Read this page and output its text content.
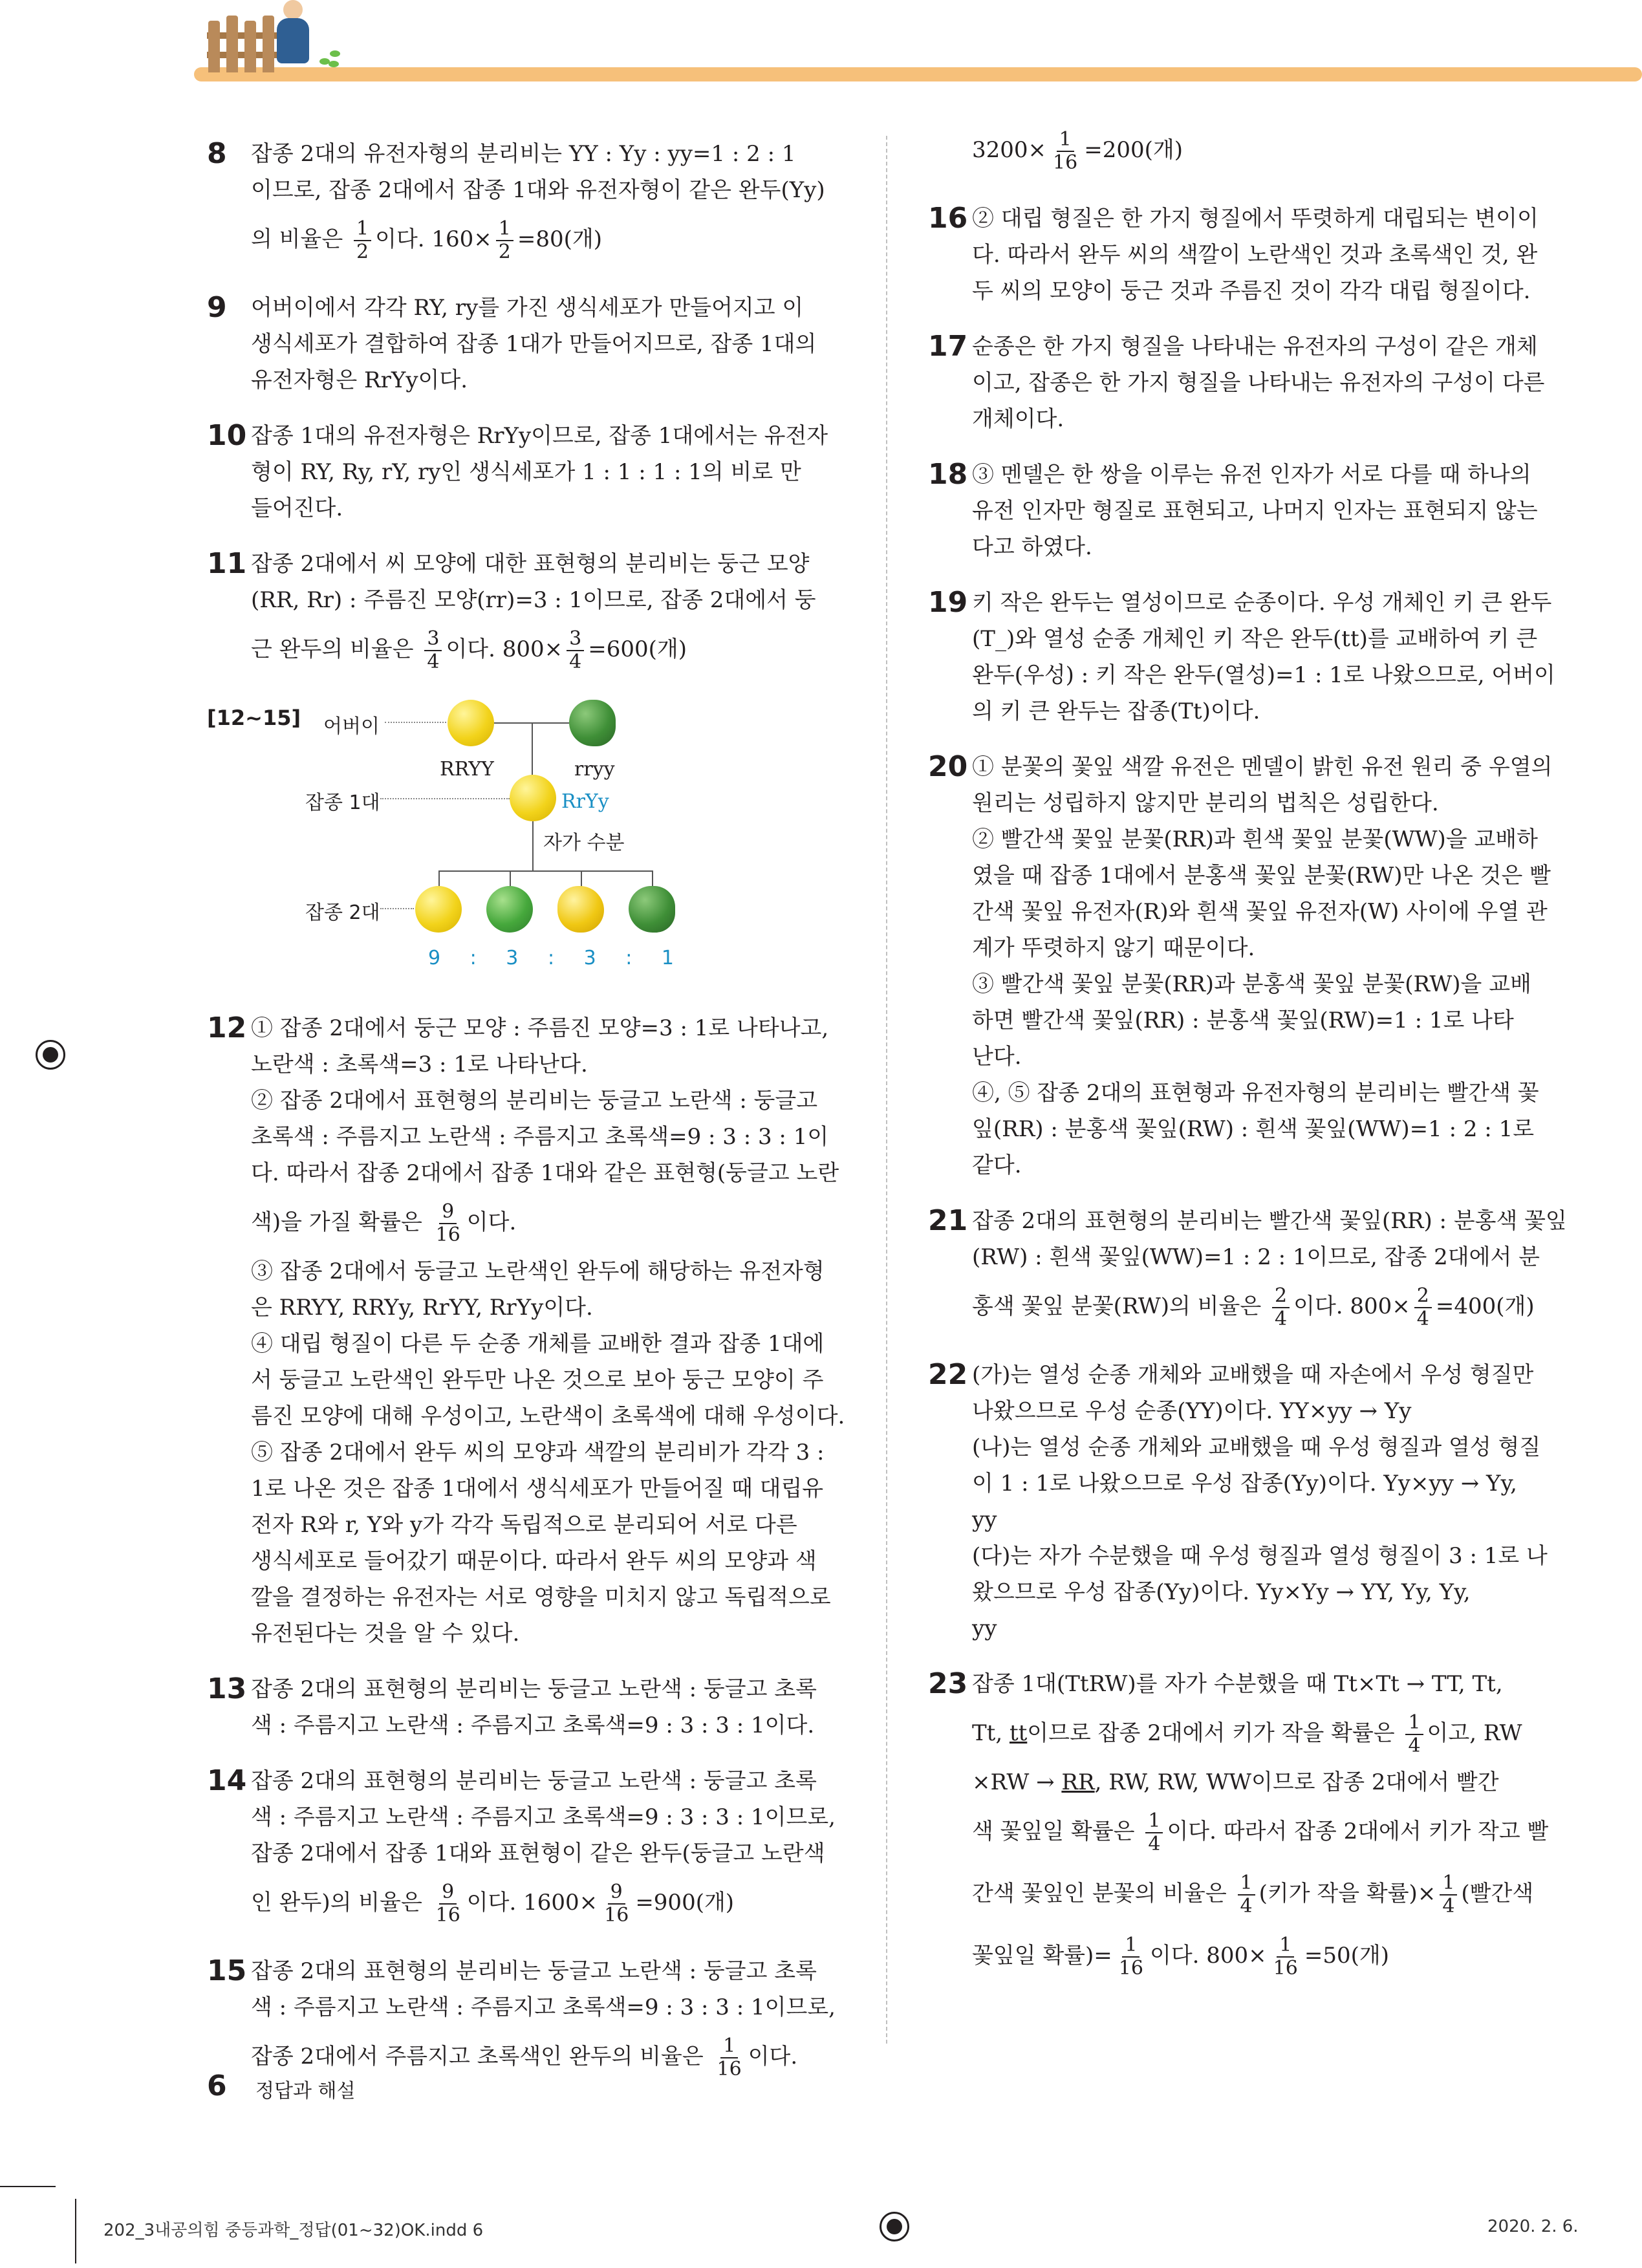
8 잡종 2대의 유전자형의 분리비는 YY : Yy : yy=1 : 2 : 1
이므로, 잡종 2대에서 잡종 1대와 유전자형이 같은 완두(Yy)
의 비율은 $\frac{1}{2}$ 이다. $160\times \frac{1}{2} =80$(개)
9 어버이에서 각각 RY, ry를 가진 생식세포가 만들어지고 이
생식세포가 결합하여 잡종 1대가 만들어지므로, 잡종 1대의
유전자형은 RrYy이다.
10 잡종 1대의 유전자형은 RrYy이므로, 잡종 1대에서는 유전자
형이 RY, Ry, rY, ry인 생식세포가 1 : 1 : 1 : 1의 비로 만
들어진다.
11 잡종 2대에서 씨 모양에 대한 표현형의 분리비는 둥근 모양
(RR, Rr) : 주름진 모양(rr)=3 : 1이므로, 잡종 2대에서 둥
근 완두의 비율은 $\frac{3}{4}$ 이다. $800\times \frac{3}{4} =600$(개)
[12~15] 어버이
RRYY	rryy
잡종 1대	RrYy
자가 수분
잡종 2대
9 : 3 : 3 : 1
12 ① 잡종 2대에서 둥근 모양 : 주름진 모양=3 : 1로 나타나고,
노란색 : 초록색=3 : 1로 나타난다.
② 잡종 2대에서 표현형의 분리비는 둥글고 노란색 : 둥글고
초록색 : 주름지고 노란색 : 주름지고 초록색=9 : 3 : 3 : 1이
다. 따라서 잡종 2대에서 잡종 1대와 같은 표현형(둥글고 노란
색)을 가질 확률은 $\frac{9}{16}$ 이다.
③ 잡종 2대에서 둥글고 노란색인 완두에 해당하는 유전자형
은 RRYY, RRYy, RrYY, RrYy이다.
④ 대립 형질이 다른 두 순종 개체를 교배한 결과 잡종 1대에
서 둥글고 노란색인 완두만 나온 것으로 보아 둥근 모양이 주
름진 모양에 대해 우성이고, 노란색이 초록색에 대해 우성이다.
⑤ 잡종 2대에서 완두 씨의 모양과 색깔의 분리비가 각각 3 :
1로 나온 것은 잡종 1대에서 생식세포가 만들어질 때 대립유
전자 R와 r, Y와 y가 각각 독립적으로 분리되어 서로 다른
생식세포로 들어갔기 때문이다. 따라서 완두 씨의 모양과 색
깔을 결정하는 유전자는 서로 영향을 미치지 않고 독립적으로
유전된다는 것을 알 수 있다.
13 잡종 2대의 표현형의 분리비는 둥글고 노란색 : 둥글고 초록
색 : 주름지고 노란색 : 주름지고 초록색=9 : 3 : 3 : 1이다.
14 잡종 2대의 표현형의 분리비는 둥글고 노란색 : 둥글고 초록
색 : 주름지고 노란색 : 주름지고 초록색=9 : 3 : 3 : 1이므로,
잡종 2대에서 잡종 1대와 표현형이 같은 완두(둥글고 노란색
인 완두)의 비율은 $\frac{9}{16}$ 이다. $1600\times \frac{9}{16} =900$(개)
15 잡종 2대의 표현형의 분리비는 둥글고 노란색 : 둥글고 초록
색 : 주름지고 노란색 : 주름지고 초록색=9 : 3 : 3 : 1이므로,
잡종 2대에서 주름지고 초록색인 완두의 비율은 $\frac{1}{16}$ 이다.
$3200\times \frac{1}{16} =200$(개)
16 ② 대립 형질은 한 가지 형질에서 뚜렷하게 대립되는 변이이
다. 따라서 완두 씨의 색깔이 노란색인 것과 초록색인 것, 완
두 씨의 모양이 둥근 것과 주름진 것이 각각 대립 형질이다.
17 순종은 한 가지 형질을 나타내는 유전자의 구성이 같은 개체
이고, 잡종은 한 가지 형질을 나타내는 유전자의 구성이 다른
개체이다.
18 ③ 멘델은 한 쌍을 이루는 유전 인자가 서로 다를 때 하나의
유전 인자만 형질로 표현되고, 나머지 인자는 표현되지 않는
다고 하였다.
19 키 작은 완두는 열성이므로 순종이다. 우성 개체인 키 큰 완두
(T_)와 열성 순종 개체인 키 작은 완두(tt)를 교배하여 키 큰
완두(우성) : 키 작은 완두(열성)=1 : 1로 나왔으므로, 어버이
의 키 큰 완두는 잡종(Tt)이다.
20 ① 분꽃의 꽃잎 색깔 유전은 멘델이 밝힌 유전 원리 중 우열의
원리는 성립하지 않지만 분리의 법칙은 성립한다.
② 빨간색 꽃잎 분꽃(RR)과 흰색 꽃잎 분꽃(WW)을 교배하
였을 때 잡종 1대에서 분홍색 꽃잎 분꽃(RW)만 나온 것은 빨
간색 꽃잎 유전자(R)와 흰색 꽃잎 유전자(W) 사이에 우열 관
계가 뚜렷하지 않기 때문이다.
③ 빨간색 꽃잎 분꽃(RR)과 분홍색 꽃잎 분꽃(RW)을 교배
하면 빨간색 꽃잎(RR) : 분홍색 꽃잎(RW)=1 : 1로 나타
난다.
④, ⑤ 잡종 2대의 표현형과 유전자형의 분리비는 빨간색 꽃
잎(RR) : 분홍색 꽃잎(RW) : 흰색 꽃잎(WW)=1 : 2 : 1로
같다.
21 잡종 2대의 표현형의 분리비는 빨간색 꽃잎(RR) : 분홍색 꽃잎
(RW) : 흰색 꽃잎(WW)=1 : 2 : 1이므로, 잡종 2대에서 분
홍색 꽃잎 분꽃(RW)의 비율은 $\frac{2}{4}$ 이다. $800\times \frac{2}{4} =400$(개)
22 (가)는 열성 순종 개체와 교배했을 때 자손에서 우성 형질만
나왔으므로 우성 순종(YY)이다. YY×yy → Yy
(나)는 열성 순종 개체와 교배했을 때 우성 형질과 열성 형질
이 1 : 1로 나왔으므로 우성 잡종(Yy)이다. Yy×yy → Yy,
yy
(다)는 자가 수분했을 때 우성 형질과 열성 형질이 3 : 1로 나
왔으므로 우성 잡종(Yy)이다. Yy×Yy → YY, Yy, Yy,
yy
23 잡종 1대(TtRW)를 자가 수분했을 때 Tt×Tt → TT, Tt,
Tt, tt이므로 잡종 2대에서 키가 작을 확률은 $\frac{1}{4}$ 이고, RW
×RW → RR, RW, RW, WW이므로 잡종 2대에서 빨간
색 꽃잎일 확률은 $\frac{1}{4}$ 이다. 따라서 잡종 2대에서 키가 작고 빨
간색 꽃잎인 분꽃의 비율은 $\frac{1}{4}$ (키가 작을 확률)× $\frac{1}{4}$ (빨간색
꽃잎일 확률)= $\frac{1}{16}$ 이다. $800\times \frac{1}{16} =50$(개)
6 정답과 해설
202_3내공의힘 중등과학_정답(01~32)OK.indd 6	2020. 2. 6.
